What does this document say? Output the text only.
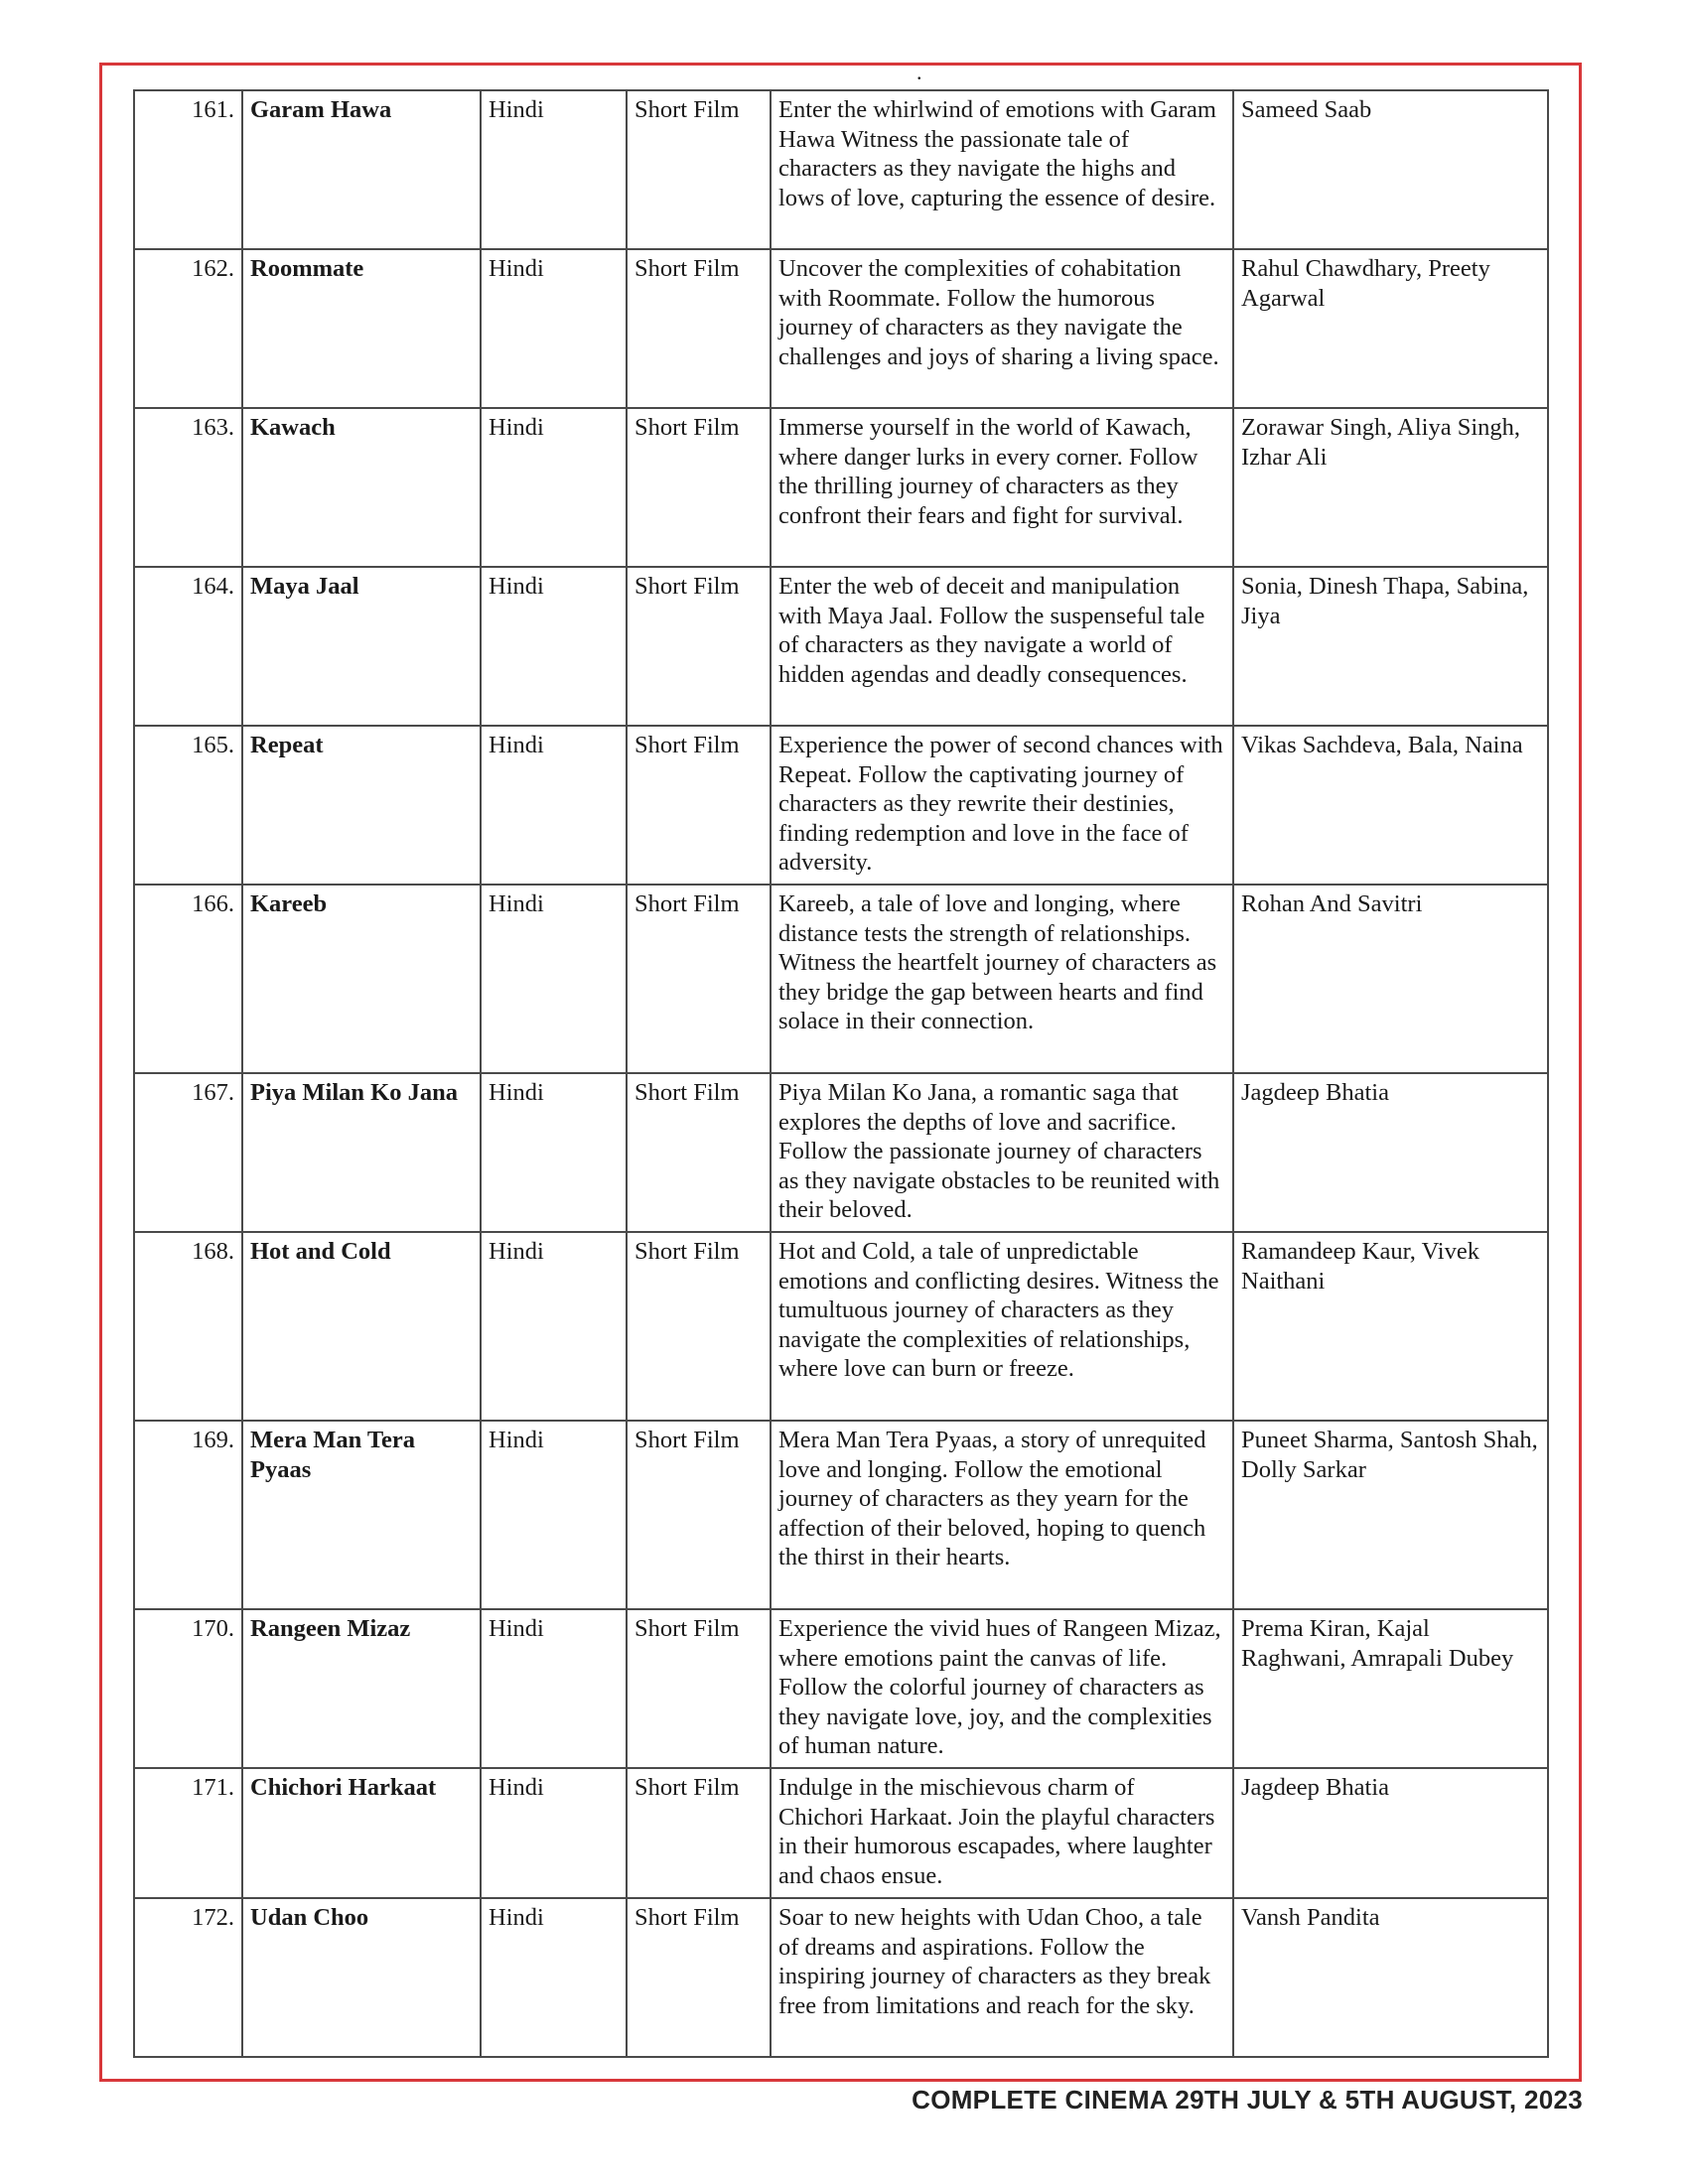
.
161.	Garam Hawa	Hindi	Short Film	Enter the whirlwind of emotions with Garam Hawa Witness the passionate tale of characters as they navigate the highs and lows of love, capturing the essence of desire.	Sameed Saab
162.	Roommate	Hindi	Short Film	Uncover the complexities of cohabitation with Roommate. Follow the humorous journey of characters as they navigate the challenges and joys of sharing a living space.	Rahul Chawdhary, Preety Agarwal
163.	Kawach	Hindi	Short Film	Immerse yourself in the world of Kawach, where danger lurks in every corner. Follow the thrilling journey of characters as they confront their fears and fight for survival.	Zorawar Singh, Aliya Singh, Izhar Ali
164.	Maya Jaal	Hindi	Short Film	Enter the web of deceit and manipulation with Maya Jaal. Follow the suspenseful tale of characters as they navigate a world of hidden agendas and deadly consequences.	Sonia, Dinesh Thapa, Sabina, Jiya
165.	Repeat	Hindi	Short Film	Experience the power of second chances with Repeat. Follow the captivating journey of characters as they rewrite their destinies, finding redemption and love in the face of adversity.	Vikas Sachdeva, Bala, Naina
166.	Kareeb	Hindi	Short Film	Kareeb, a tale of love and longing, where distance tests the strength of relationships. Witness the heartfelt journey of characters as they bridge the gap between hearts and find solace in their connection.	Rohan And Savitri
167.	Piya Milan Ko Jana	Hindi	Short Film	Piya Milan Ko Jana, a romantic saga that explores the depths of love and sacrifice. Follow the passionate journey of characters as they navigate obstacles to be reunited with their beloved.	Jagdeep Bhatia
168.	Hot and Cold	Hindi	Short Film	Hot and Cold, a tale of unpredictable emotions and conflicting desires. Witness the tumultuous journey of characters as they navigate the complexities of relationships, where love can burn or freeze.	Ramandeep Kaur, Vivek Naithani
169.	Mera Man Tera Pyaas	Hindi	Short Film	Mera Man Tera Pyaas, a story of unrequited love and longing. Follow the emotional journey of characters as they yearn for the affection of their beloved, hoping to quench the thirst in their hearts.	Puneet Sharma, Santosh Shah, Dolly Sarkar
170.	Rangeen Mizaz	Hindi	Short Film	Experience the vivid hues of Rangeen Mizaz, where emotions paint the canvas of life. Follow the colorful journey of characters as they navigate love, joy, and the complexities of human nature.	Prema Kiran, Kajal Raghwani, Amrapali Dubey
171.	Chichori Harkaat	Hindi	Short Film	Indulge in the mischievous charm of Chichori Harkaat. Join the playful characters in their humorous escapades, where laughter and chaos ensue.	Jagdeep Bhatia
172.	Udan Choo	Hindi	Short Film	Soar to new heights with Udan Choo, a tale of dreams and aspirations. Follow the inspiring journey of characters as they break free from limitations and reach for the sky.	Vansh Pandita
COMPLETE CINEMA 29TH JULY & 5TH AUGUST, 2023
